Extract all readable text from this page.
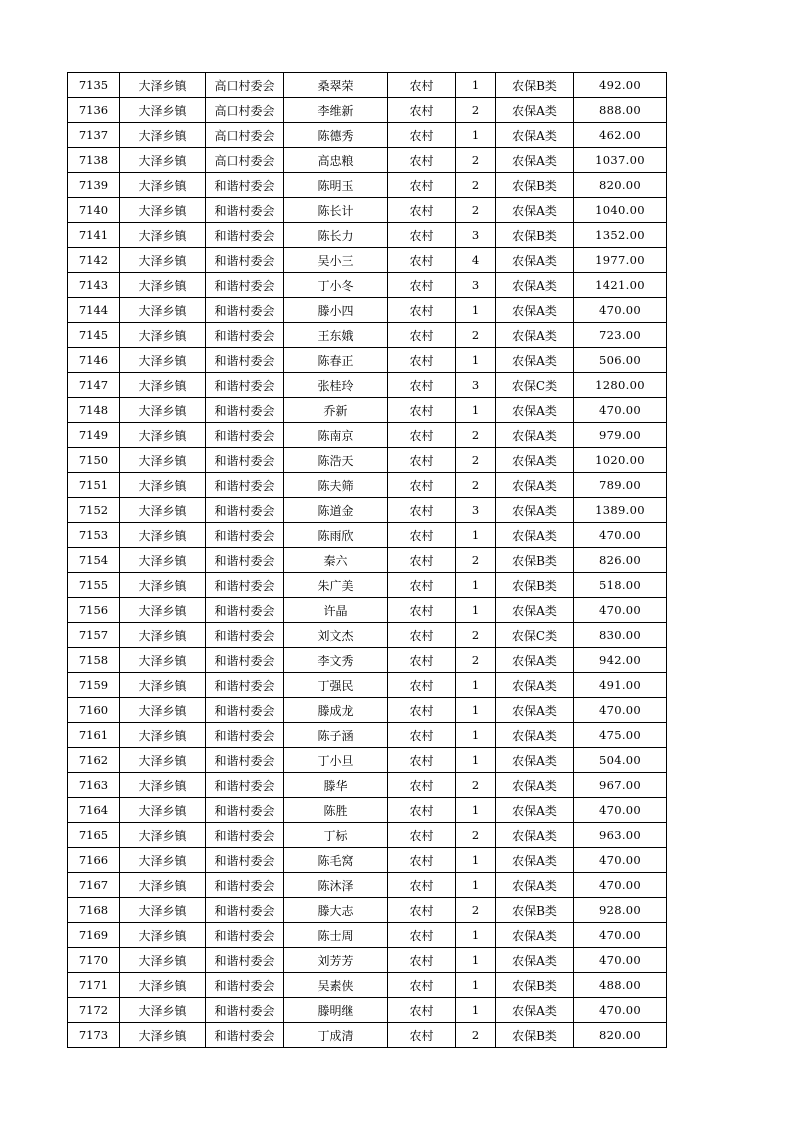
7135	大泽乡镇	高口村委会	桑翠荣	农村	1	农保B类	492.00
7136	大泽乡镇	高口村委会	李维新	农村	2	农保A类	888.00
7137	大泽乡镇	高口村委会	陈德秀	农村	1	农保A类	462.00
7138	大泽乡镇	高口村委会	高忠粮	农村	2	农保A类	1037.00
7139	大泽乡镇	和谐村委会	陈明玉	农村	2	农保B类	820.00
7140	大泽乡镇	和谐村委会	陈长计	农村	2	农保A类	1040.00
7141	大泽乡镇	和谐村委会	陈长力	农村	3	农保B类	1352.00
7142	大泽乡镇	和谐村委会	吴小三	农村	4	农保A类	1977.00
7143	大泽乡镇	和谐村委会	丁小冬	农村	3	农保A类	1421.00
7144	大泽乡镇	和谐村委会	滕小四	农村	1	农保A类	470.00
7145	大泽乡镇	和谐村委会	王东娥	农村	2	农保A类	723.00
7146	大泽乡镇	和谐村委会	陈春正	农村	1	农保A类	506.00
7147	大泽乡镇	和谐村委会	张桂玲	农村	3	农保C类	1280.00
7148	大泽乡镇	和谐村委会	乔新	农村	1	农保A类	470.00
7149	大泽乡镇	和谐村委会	陈南京	农村	2	农保A类	979.00
7150	大泽乡镇	和谐村委会	陈浩天	农村	2	农保A类	1020.00
7151	大泽乡镇	和谐村委会	陈夫筛	农村	2	农保A类	789.00
7152	大泽乡镇	和谐村委会	陈道金	农村	3	农保A类	1389.00
7153	大泽乡镇	和谐村委会	陈雨欣	农村	1	农保A类	470.00
7154	大泽乡镇	和谐村委会	秦六	农村	2	农保B类	826.00
7155	大泽乡镇	和谐村委会	朱广美	农村	1	农保B类	518.00
7156	大泽乡镇	和谐村委会	许晶	农村	1	农保A类	470.00
7157	大泽乡镇	和谐村委会	刘文杰	农村	2	农保C类	830.00
7158	大泽乡镇	和谐村委会	李文秀	农村	2	农保A类	942.00
7159	大泽乡镇	和谐村委会	丁强民	农村	1	农保A类	491.00
7160	大泽乡镇	和谐村委会	滕成龙	农村	1	农保A类	470.00
7161	大泽乡镇	和谐村委会	陈子涵	农村	1	农保A类	475.00
7162	大泽乡镇	和谐村委会	丁小旦	农村	1	农保A类	504.00
7163	大泽乡镇	和谐村委会	滕华	农村	2	农保A类	967.00
7164	大泽乡镇	和谐村委会	陈胜	农村	1	农保A类	470.00
7165	大泽乡镇	和谐村委会	丁标	农村	2	农保A类	963.00
7166	大泽乡镇	和谐村委会	陈毛窝	农村	1	农保A类	470.00
7167	大泽乡镇	和谐村委会	陈沐泽	农村	1	农保A类	470.00
7168	大泽乡镇	和谐村委会	滕大志	农村	2	农保B类	928.00
7169	大泽乡镇	和谐村委会	陈士周	农村	1	农保A类	470.00
7170	大泽乡镇	和谐村委会	刘芳芳	农村	1	农保A类	470.00
7171	大泽乡镇	和谐村委会	吴素侠	农村	1	农保B类	488.00
7172	大泽乡镇	和谐村委会	滕明继	农村	1	农保A类	470.00
7173	大泽乡镇	和谐村委会	丁成清	农村	2	农保B类	820.00
